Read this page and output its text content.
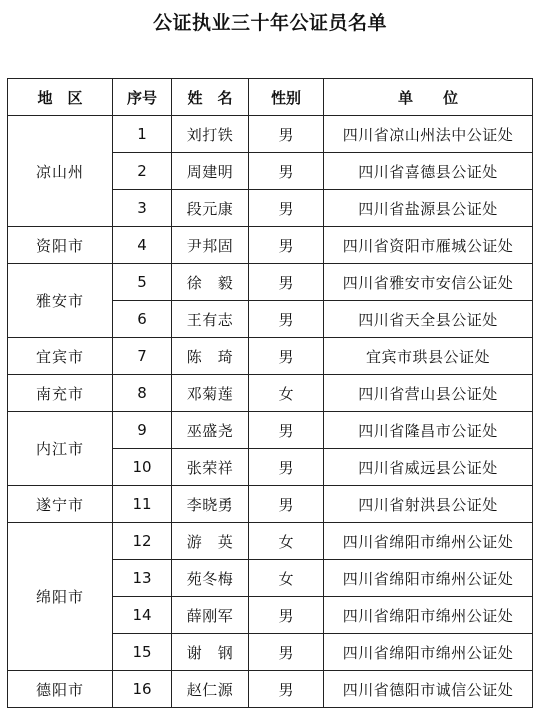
公证执业三十年公证员名单
地　区	序号	姓　名	性别	单　　位
凉山州	1	刘打铁	男	四川省凉山州法中公证处
	2	周建明	男	四川省喜德县公证处
	3	段元康	男	四川省盐源县公证处
资阳市	4	尹邦固	男	四川省资阳市雁城公证处
雅安市	5	徐　毅	男	四川省雅安市安信公证处
	6	王有志	男	四川省天全县公证处
宜宾市	7	陈　琦	男	宜宾市珙县公证处
南充市	8	邓菊莲	女	四川省营山县公证处
内江市	9	巫盛尧	男	四川省隆昌市公证处
	10	张荣祥	男	四川省威远县公证处
遂宁市	11	李晓勇	男	四川省射洪县公证处
绵阳市	12	游　英	女	四川省绵阳市绵州公证处
	13	苑冬梅	女	四川省绵阳市绵州公证处
	14	薛刚军	男	四川省绵阳市绵州公证处
	15	谢　钢	男	四川省绵阳市绵州公证处
德阳市	16	赵仁源	男	四川省德阳市诚信公证处
